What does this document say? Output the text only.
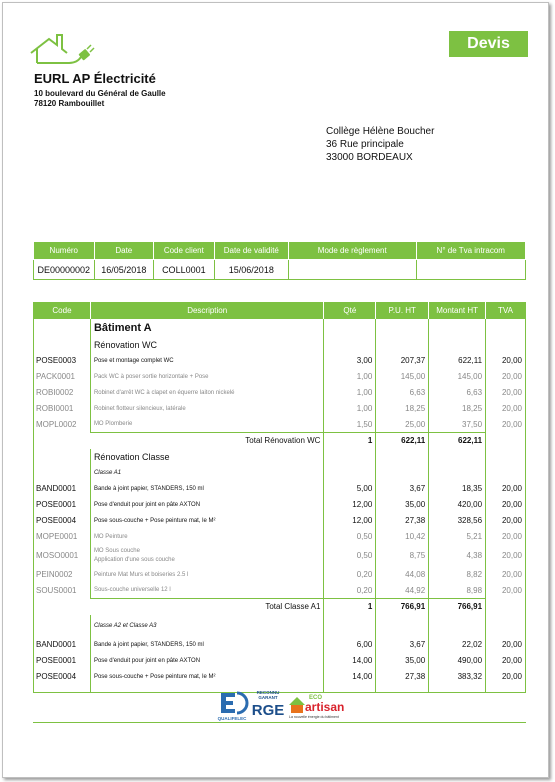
Devis
EURL AP Électricité
10 boulevard du Général de Gaulle
78120 Rambouillet
Collège Hélène Boucher
36 Rue principale
33000 BORDEAUX
Numéro	Date	Code client	Date de validité	Mode de règlement	N° de Tva intracom
DE00000002	16/05/2018	COLL0001	15/06/2018		
Code	Description	Qté	P.U. HT	Montant HT	TVA
	Bâtiment A				
	Rénovation WC				
POSE0003	Pose et montage complet WC	3,00	207,37	622,11	20,00
PACK0001	Pack WC à poser sortie horizontale + Pose	1,00	145,00	145,00	20,00
ROBI0002	Robinet d'arrêt WC à clapet en équerre laiton nickelé	1,00	6,63	6,63	20,00
ROBI0001	Robinet flotteur silencieux, latérale	1,00	18,25	18,25	20,00
MOPL0002	MO Plomberie	1,50	25,00	37,50	20,00
	Total Rénovation WC	1	622,11	622,11	
	Rénovation Classe				
	Classe A1				
BAND0001	Bande à joint papier, STANDERS, 150 ml	5,00	3,67	18,35	20,00
POSE0001	Pose d'enduit pour joint en pâte AXTON	12,00	35,00	420,00	20,00
POSE0004	Pose sous-couche + Pose peinture mat, le M²	12,00	27,38	328,56	20,00
MOPE0001	MO Peinture	0,50	10,42	5,21	20,00
MOSO0001	MO Sous couche
Application d'une sous couche	0,50	8,75	4,38	20,00
PEIN0002	Peinture Mat Murs et boiseries 2.5 l	0,20	44,08	8,82	20,00
SOUS0001	Sous-couche universelle 12 l	0,20	44,92	8,98	20,00
	Total Classe A1	1	766,91	766,91	
	Classe A2 et Classe A3				
BAND0001	Bande à joint papier, STANDERS, 150 ml	6,00	3,67	22,02	20,00
POSE0001	Pose d'enduit pour joint en pâte AXTON	14,00	35,00	490,00	20,00
POSE0004	Pose sous-couche + Pose peinture mat, le M²	14,00	27,38	383,32	20,00

QUALIFELEC
RECONNU
GARANT
RGE
ECO
artisan
La nouvelle énergie du bâtiment
